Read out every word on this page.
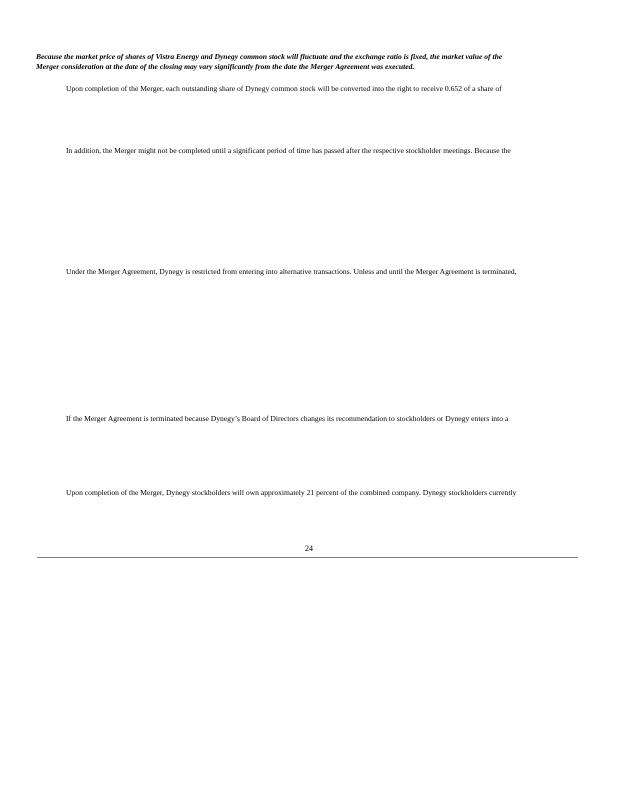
Because the market price of shares of Vistra Energy and Dynegy common stock will fluctuate and the exchange ratio is fixed, the market value of the
Merger consideration at the date of the closing may vary significantly from the date the Merger Agreement was executed.
Upon completion of the Merger, each outstanding share of Dynegy common stock will be converted into the right to receive 0.652 of a share of
In addition, the Merger might not be completed until a significant period of time has passed after the respective stockholder meetings. Because the
Under the Merger Agreement, Dynegy is restricted from entering into alternative transactions. Unless and until the Merger Agreement is terminated,
If the Merger Agreement is terminated because Dynegy’s Board of Directors changes its recommendation to stockholders or Dynegy enters into a
Upon completion of the Merger, Dynegy stockholders will own approximately 21 percent of the combined company. Dynegy stockholders currently
24
